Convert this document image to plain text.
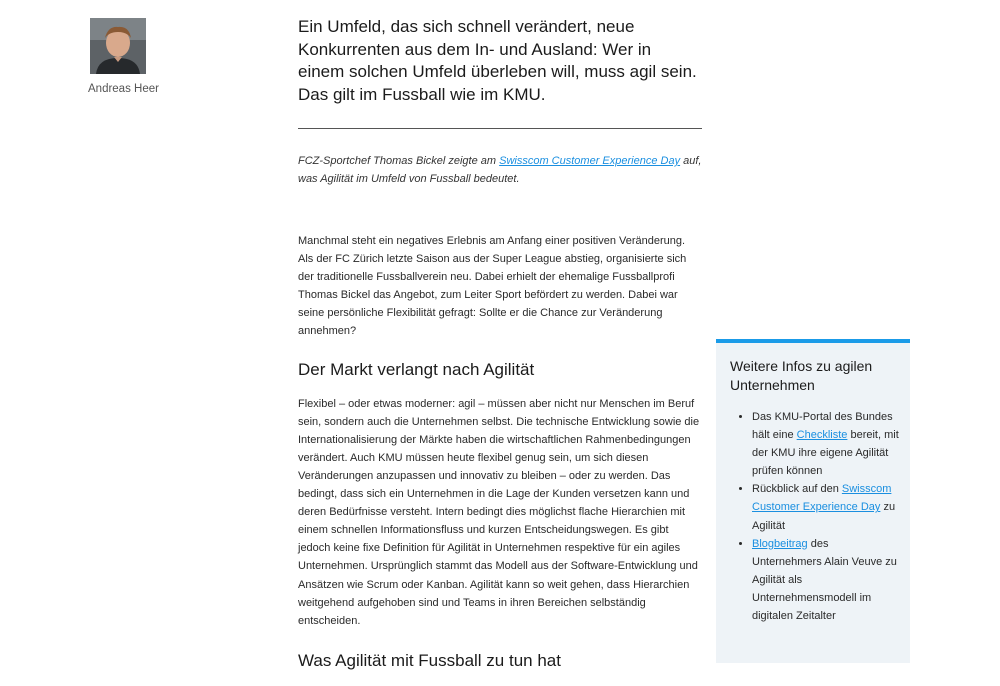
Andreas Heer

Ein Umfeld, das sich schnell verändert, neue Konkurrenten aus dem In- und Ausland: Wer in einem solchen Umfeld überleben will, muss agil sein. Das gilt im Fussball wie im KMU.

FCZ-Sportchef Thomas Bickel zeigte am Swisscom Customer Experience Day auf, was Agilität im Umfeld von Fussball bedeutet.

Manchmal steht ein negatives Erlebnis am Anfang einer positiven Veränderung. Als der FC Zürich letzte Saison aus der Super League abstieg, organisierte sich der traditionelle Fussballverein neu. Dabei erhielt der ehemalige Fussballprofi Thomas Bickel das Angebot, zum Leiter Sport befördert zu werden. Dabei war seine persönliche Flexibilität gefragt: Sollte er die Chance zur Veränderung annehmen?

Der Markt verlangt nach Agilität

Flexibel – oder etwas moderner: agil – müssen aber nicht nur Menschen im Beruf sein, sondern auch die Unternehmen selbst. Die technische Entwicklung sowie die Internationalisierung der Märkte haben die wirtschaftlichen Rahmenbedingungen verändert. Auch KMU müssen heute flexibel genug sein, um sich diesen Veränderungen anzupassen und innovativ zu bleiben – oder zu werden. Das bedingt, dass sich ein Unternehmen in die Lage der Kunden versetzen kann und deren Bedürfnisse versteht. Intern bedingt dies möglichst flache Hierarchien mit einem schnellen Informationsfluss und kurzen Entscheidungswegen. Es gibt jedoch keine fixe Definition für Agilität in Unternehmen respektive für ein agiles Unternehmen. Ursprünglich stammt das Modell aus der Software-Entwicklung und Ansätzen wie Scrum oder Kanban. Agilität kann so weit gehen, dass Hierarchien weitgehend aufgehoben sind und Teams in ihren Bereichen selbständig entscheiden.

Was Agilität mit Fussball zu tun hat
Weitere Infos zu agilen Unternehmen
• Das KMU-Portal des Bundes hält eine Checkliste bereit, mit der KMU ihre eigene Agilität prüfen können
• Rückblick auf den Swisscom Customer Experience Day zu Agilität
• Blogbeitrag des Unternehmers Alain Veuve zu Agilität als Unternehmensmodell im digitalen Zeitalter
